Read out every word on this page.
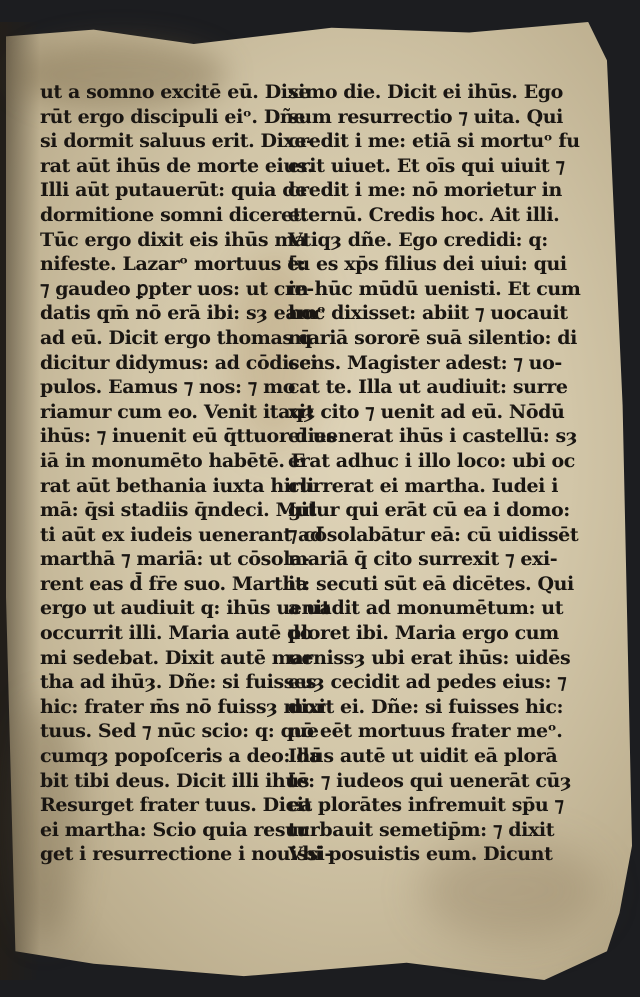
ut a somno excitē eū. Dixe
rūt ergo discipuli eiᵒ. Dñe:
si dormit saluus erit. Dixe-
rat aūt ihūs de morte eius.
Illi aūt putauerūt: quia de
dormitione somni diceret.
Tūc ergo dixit eis ihūs ma
nifeste. Lazarᵒ mortuus ē:
⁊ gaudeo ꝑpter uos: ut cre-
datis qm̄ nō erā ibi: sȝ eamᵒ
ad eū. Dicit ergo thomas q̄
dicitur didymus: ad cōdisci
pulos. Eamus ⁊ nos: ⁊ mo
riamur cum eo. Venit itaqȝ
ihūs: ⁊ inuenit eū q̄ttuor dies
iā in monumēto habētē. E
rat aūt bethania iuxta hirli
mā: q̄si stadiis q̄ndeci. Mul
ti aūt ex iudeis uenerant ad
marthā ⁊ mariā: ut cōsola-
rent eas d̄ fr̄e suo. Martha
ergo ut audiuit q: ihūs uenit
occurrit illi. Maria autē do
mi sedebat. Dixit autē mar
tha ad ihūȝ. Dñe: si fuisses
hic: frater m̄s nō fuissȝ mor
tuus. Sed ⁊ nūc scio: q: que
cumqȝ popoſceris a deo: da
bit tibi deus. Dicit illi ihūs
Resurget frater tuus. Dicit
ei martha: Scio quia resur
get i resurrectione i nouissi-
simo die. Dicit ei ihūs. Ego
sum resurrectio ⁊ uita. Qui
credit i me: etiā si mortuᵒ fu
erit uiuet. Et oīs qui uiuit ⁊
credit i me: nō morietur in
eternū. Credis hoc. Ait illi.
Vtiqȝ dñe. Ego credidi: q:
tu es xp̄s filius dei uiui: qui
in hūc mūdū uenisti. Et cum
hoc dixisset: abiit ⁊ uocauit
mariā sororē suā silentio: di
cens. Magister adest: ⁊ uo-
cat te. Illa ut audiuit: surre
xit cito ⁊ uenit ad eū. Nōdū
eī uenerat ihūs i castellū: sȝ
erat adhuc i illo loco: ubi oc
currerat ei martha. Iudei i
gitur qui erāt cū ea i domo:
⁊ cōsolabātur eā: cū uidissēt
mariā q̄ cito surrexit ⁊ exi-
it: secuti sūt eā dicētes. Qui
a uadit ad monumētum: ut
ploret ibi. Maria ergo cum
uenissȝ ubi erat ihūs: uidēs
euȝ cecidit ad pedes eius: ⁊
dixit ei. Dñe: si fuisses hic:
nō eēt mortuus frater meᵒ.
Ihūs autē ut uidit eā plorā
tē: ⁊ iudeos qui uenerāt cūȝ
ea plorātes infremuit sp̄u ⁊
turbauit semetip̄m: ⁊ dixit
Vbi posuistis eum. Dicunt
